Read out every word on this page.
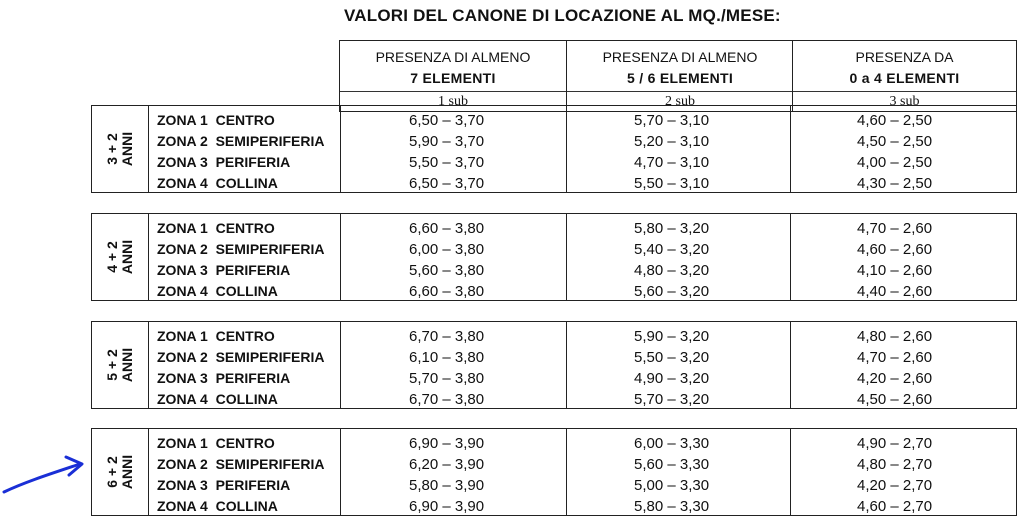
VALORI DEL CANONE DI LOCAZIONE AL MQ./MESE:
PRESENZA DI ALMENO
7 ELEMENTI
1 sub
PRESENZA DI ALMENO
5 / 6 ELEMENTI
2 sub
PRESENZA DA
0 a 4 ELEMENTI
3 sub
3 + 2 ANNI
ZONA 1  CENTRO	6,50 – 3,70	5,70 – 3,10	4,60 – 2,50
ZONA 2  SEMIPERIFERIA	5,90 – 3,70	5,20 – 3,10	4,50 – 2,50
ZONA 3  PERIFERIA	5,50 – 3,70	4,70 – 3,10	4,00 – 2,50
ZONA 4  COLLINA	6,50 – 3,70	5,50 – 3,10	4,30 – 2,50
4 + 2 ANNI
ZONA 1  CENTRO	6,60 – 3,80	5,80 – 3,20	4,70 – 2,60
ZONA 2  SEMIPERIFERIA	6,00 – 3,80	5,40 – 3,20	4,60 – 2,60
ZONA 3  PERIFERIA	5,60 – 3,80	4,80 – 3,20	4,10 – 2,60
ZONA 4  COLLINA	6,60 – 3,80	5,60 – 3,20	4,40 – 2,60
5 + 2 ANNI
ZONA 1  CENTRO	6,70 – 3,80	5,90 – 3,20	4,80 – 2,60
ZONA 2  SEMIPERIFERIA	6,10 – 3,80	5,50 – 3,20	4,70 – 2,60
ZONA 3  PERIFERIA	5,70 – 3,80	4,90 – 3,20	4,20 – 2,60
ZONA 4  COLLINA	6,70 – 3,80	5,70 – 3,20	4,50 – 2,60
6 + 2 ANNI
ZONA 1  CENTRO	6,90 – 3,90	6,00 – 3,30	4,90 – 2,70
ZONA 2  SEMIPERIFERIA	6,20 – 3,90	5,60 – 3,30	4,80 – 2,70
ZONA 3  PERIFERIA	5,80 – 3,90	5,00 – 3,30	4,20 – 2,70
ZONA 4  COLLINA	6,90 – 3,90	5,80 – 3,30	4,60 – 2,70
